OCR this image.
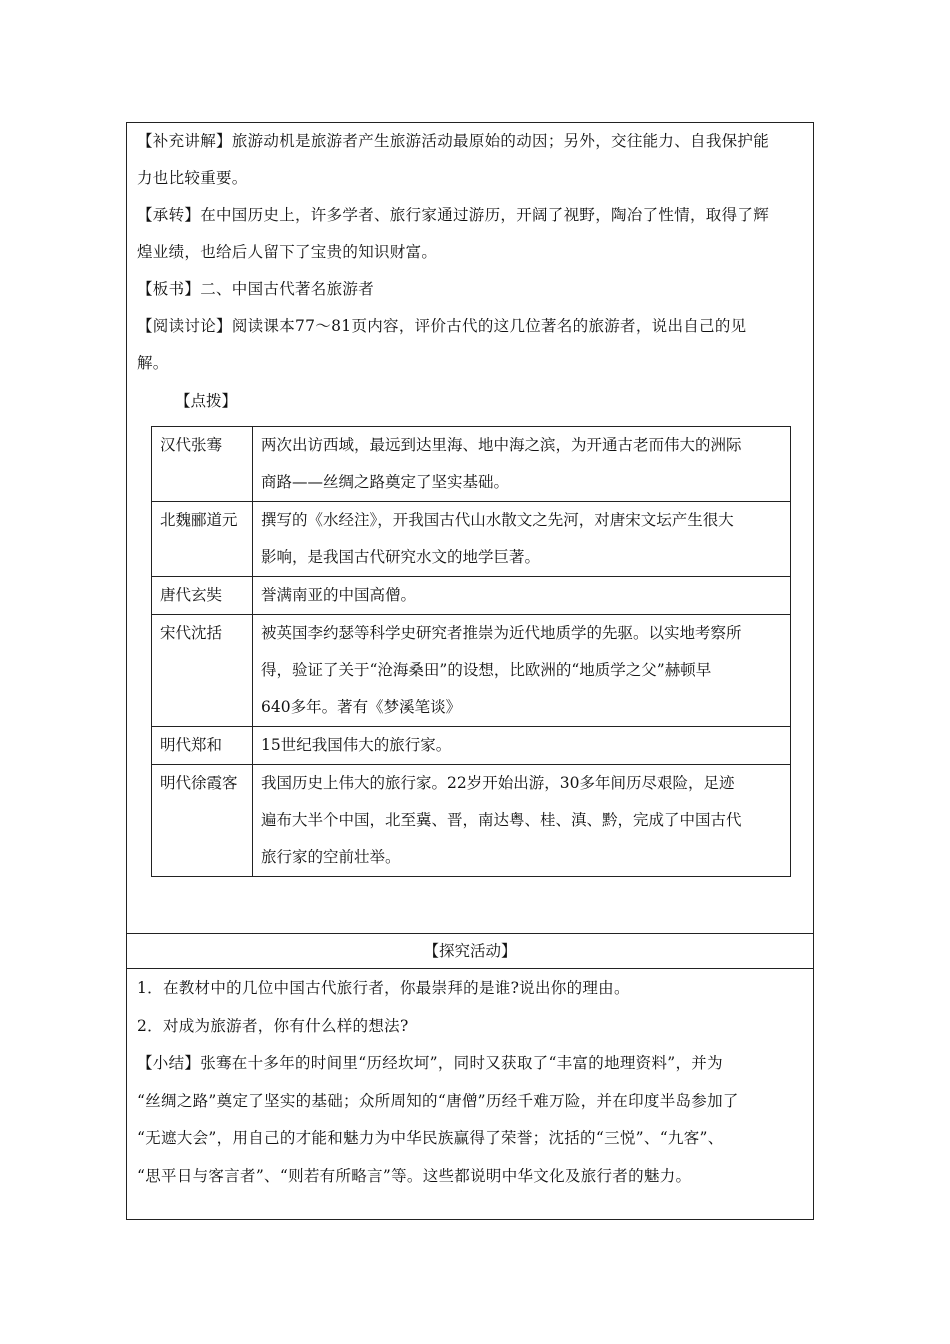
【补充讲解】旅游动机是旅游者产生旅游活动最原始的动因；另外，交往能力、自我保护能

力也比较重要。

【承转】在中国历史上，许多学者、旅行家通过游历，开阔了视野，陶冶了性情，取得了辉

煌业绩，也给后人留下了宝贵的知识财富。

【板书】二、中国古代著名旅游者

【阅读讨论】阅读课本77～81页内容，评价古代的这几位著名的旅游者，说出自己的见

解。

【点拨】
汉代张骞	两次出访西域，最远到达里海、地中海之滨，为开通古老而伟大的洲际
商路——丝绸之路奠定了坚实基础。

北魏郦道元	撰写的《水经注》，开我国古代山水散文之先河，对唐宋文坛产生很大
影响，是我国古代研究水文的地学巨著。

唐代玄奘	誉满南亚的中国高僧。

宋代沈括	被英国李约瑟等科学史研究者推崇为近代地质学的先驱。以实地考察所
得，验证了关于“沧海桑田”的设想，比欧洲的“地质学之父”赫顿早
640多年。著有《梦溪笔谈》

明代郑和	15世纪我国伟大的旅行家。

明代徐霞客	我国历史上伟大的旅行家。22岁开始出游，30多年间历尽艰险，足迹
遍布大半个中国，北至冀、晋，南达粤、桂、滇、黔，完成了中国古代
旅行家的空前壮举。
【探究活动】

1．在教材中的几位中国古代旅行者，你最崇拜的是谁?说出你的理由。

2．对成为旅游者，你有什么样的想法?

【小结】张骞在十多年的时间里“历经坎坷”，同时又获取了“丰富的地理资料”，并为

“丝绸之路”奠定了坚实的基础；众所周知的“唐僧”历经千难万险，并在印度半岛参加了

“无遮大会”，用自己的才能和魅力为中华民族赢得了荣誉；沈括的“三悦”、“九客”、

“思平日与客言者”、“则若有所略言”等。这些都说明中华文化及旅行者的魅力。
